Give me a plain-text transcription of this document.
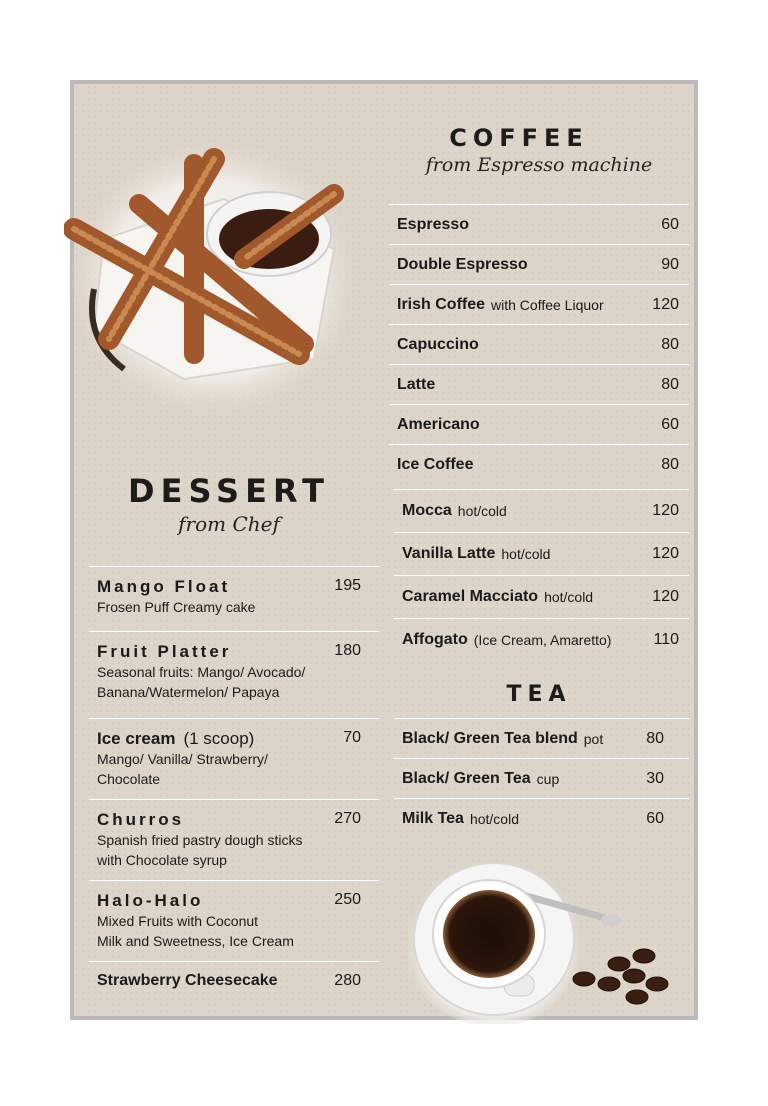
COFFEE
from Espresso machine
Espresso	60
Double Espresso	90
Irish Coffee with Coffee Liquor	120
Capuccino	80
Latte	80
Americano	60
Ice Coffee	80
Mocca hot/cold	120
Vanilla Latte hot/cold	120
Caramel Macciato hot/cold	120
Affogato (Ice Cream, Amaretto)	110
TEA
Black/ Green Tea blend pot	80
Black/ Green Tea cup	30
Milk Tea hot/cold	60
DESSERT
from Chef
Mango Float
Frosen Puff Creamy cake
195
Fruit Platter
Seasonal fruits: Mango/ Avocado/
Banana/Watermelon/ Papaya
180
Ice cream (1 scoop)
Mango/ Vanilla/ Strawberry/
Chocolate
70
Churros
Spanish fried pastry dough sticks
with Chocolate syrup
270
Halo-Halo
Mixed Fruits with Coconut
Milk and Sweetness, Ice Cream
250
Strawberry Cheesecake	280
